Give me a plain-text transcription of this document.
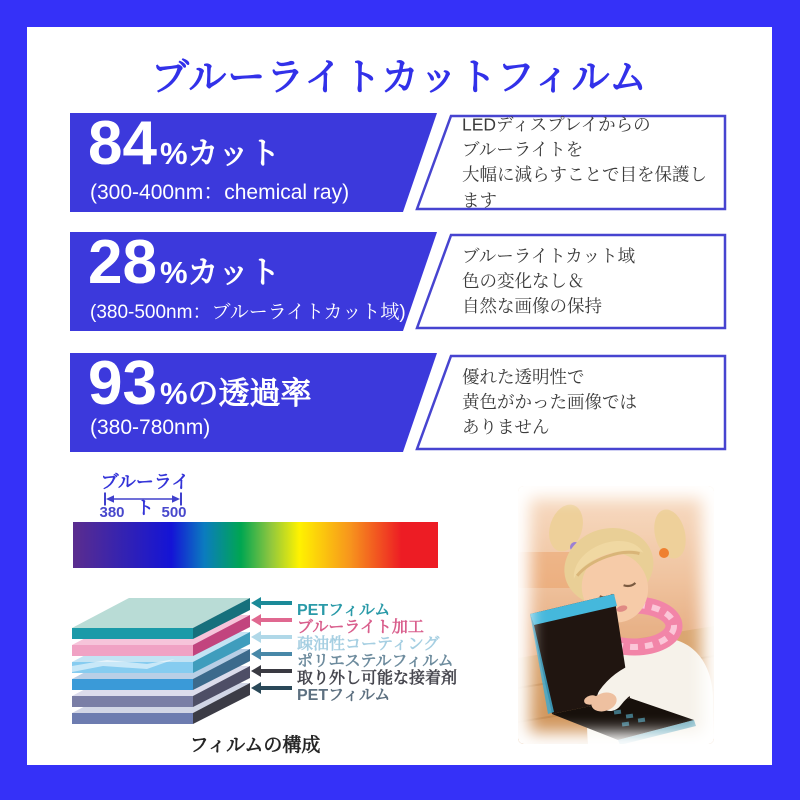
ブルーライトカットフィルム
84 %カット
(300-400nm：chemical ray)
LEDディスプレイからの
ブルーライトを
大幅に減らすことで目を保護します
28 %カット
(380-500nm：ブルーライトカット域)
ブルーライトカット域
色の変化なし＆
自然な画像の保持
93 %の透過率
(380-780nm)
優れた透明性で
黄色がかった画像では
ありません
ブルーライト
380	500
PETフィルム
ブルーライト加工
疎油性コーティング
ポリエステルフィルム
取り外し可能な接着剤
PETフィルム
フィルムの構成
